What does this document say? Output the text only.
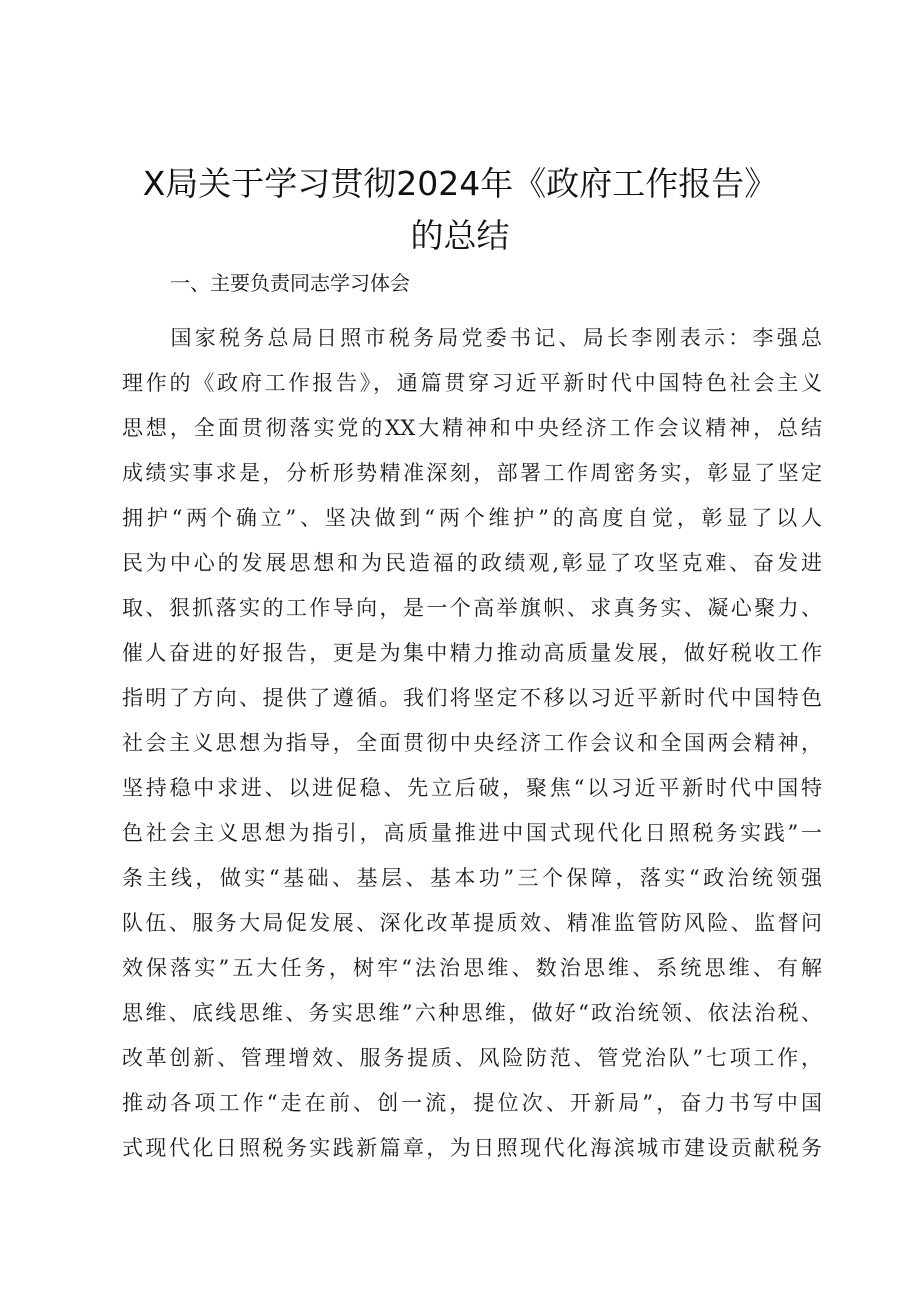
X局关于学习贯彻2024年《政府工作报告》
的总结
一、主要负责同志学习体会
　　国家税务总局日照市税务局党委书记、局长李刚表示：李强总
理作的《政府工作报告》，通篇贯穿习近平新时代中国特色社会主义
思想，全面贯彻落实党的XX大精神和中央经济工作会议精神，总结
成绩实事求是，分析形势精准深刻，部署工作周密务实，彰显了坚定
拥护“两个确立”、坚决做到“两个维护”的高度自觉，彰显了以人
民为中心的发展思想和为民造福的政绩观,彰显了攻坚克难、奋发进
取、狠抓落实的工作导向，是一个高举旗帜、求真务实、凝心聚力、
催人奋进的好报告，更是为集中精力推动高质量发展，做好税收工作
指明了方向、提供了遵循。我们将坚定不移以习近平新时代中国特色
社会主义思想为指导，全面贯彻中央经济工作会议和全国两会精神，
坚持稳中求进、以进促稳、先立后破，聚焦“以习近平新时代中国特
色社会主义思想为指引，高质量推进中国式现代化日照税务实践”一
条主线，做实“基础、基层、基本功”三个保障，落实“政治统领强
队伍、服务大局促发展、深化改革提质效、精准监管防风险、监督问
效保落实”五大任务，树牢“法治思维、数治思维、系统思维、有解
思维、底线思维、务实思维”六种思维，做好“政治统领、依法治税、
改革创新、管理增效、服务提质、风险防范、管党治队”七项工作，
推动各项工作“走在前、创一流，提位次、开新局”，奋力书写中国
式现代化日照税务实践新篇章，为日照现代化海滨城市建设贡献税务
